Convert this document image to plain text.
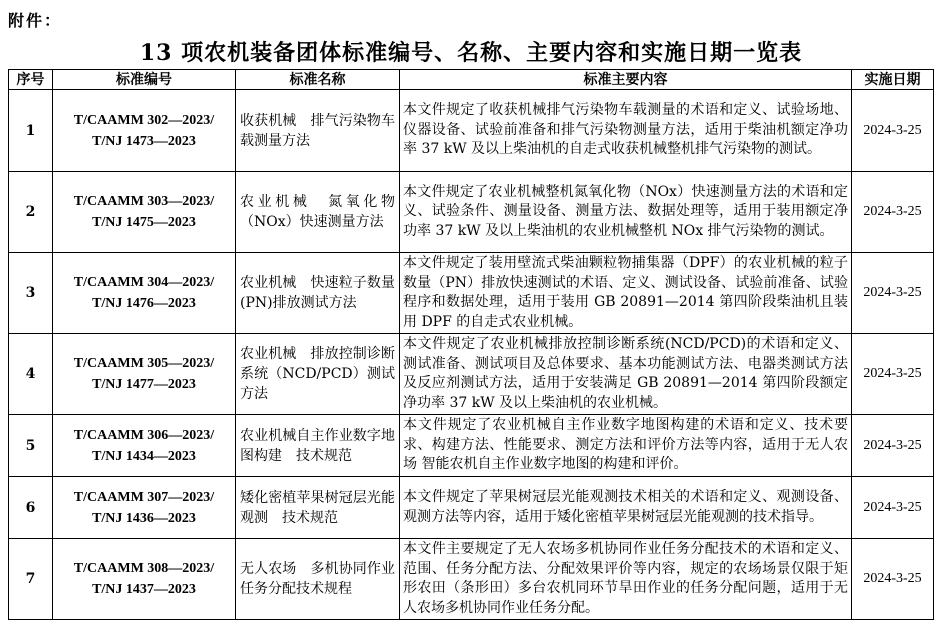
附件：
13 项农机装备团体标准编号、名称、主要内容和实施日期一览表
序号	标准编号	标准名称	标准主要内容	实施日期
1	T/CAAMM 302—2023/
T/NJ 1473—2023	收获机械　排气污染物车载测量方法	本文件规定了收获机械排气污染物车载测量的术语和定义、试验场地、仪器设备、试验前准备和排气污染物测量方法，适用于柴油机额定净功率 37 kW 及以上柴油机的自走式收获机械整机排气污染物的测试。	2024-3-25
2	T/CAAMM 303—2023/
T/NJ 1475—2023	农业机械　氮氧化物（NOx）快速测量方法	本文件规定了农业机械整机氮氧化物（NOx）快速测量方法的术语和定义、试验条件、测量设备、测量方法、数据处理等，适用于装用额定净功率 37 kW 及以上柴油机的农业机械整机 NOx 排气污染物的测试。	2024-3-25
3	T/CAAMM 304—2023/
T/NJ 1476—2023	农业机械　快速粒子数量(PN)排放测试方法	本文件规定了装用壁流式柴油颗粒物捕集器（DPF）的农业机械的粒子数量（PN）排放快速测试的术语、定义、测试设备、试验前准备、试验程序和数据处理，适用于装用 GB 20891—2014 第四阶段柴油机且装用 DPF 的自走式农业机械。	2024-3-25
4	T/CAAMM 305—2023/
T/NJ 1477—2023	农业机械　排放控制诊断系统（NCD/PCD）测试方法	本文件规定了农业机械排放控制诊断系统(NCD/PCD)的术语和定义、测试准备、测试项目及总体要求、基本功能测试方法、电器类测试方法及反应剂测试方法，适用于安装满足 GB 20891—2014 第四阶段额定净功率 37 kW 及以上柴油机的农业机械。	2024-3-25
5	T/CAAMM 306—2023/
T/NJ 1434—2023	农业机械自主作业数字地图构建　技术规范	本文件规定了农业机械自主作业数字地图构建的术语和定义、技术要求、构建方法、性能要求、测定方法和评价方法等内容，适用于无人农场 智能农机自主作业数字地图的构建和评价。	2024-3-25
6	T/CAAMM 307—2023/
T/NJ 1436—2023	矮化密植苹果树冠层光能观测　技术规范	本文件规定了苹果树冠层光能观测技术相关的术语和定义、观测设备、观测方法等内容，适用于矮化密植苹果树冠层光能观测的技术指导。	2024-3-25
7	T/CAAMM 308—2023/
T/NJ 1437—2023	无人农场　多机协同作业任务分配技术规程	本文件主要规定了无人农场多机协同作业任务分配技术的术语和定义、范围、任务分配方法、分配效果评价等内容，规定的农场场景仅限于矩形农田（条形田）多台农机同环节旱田作业的任务分配问题，适用于无人农场多机协同作业任务分配。	2024-3-25
